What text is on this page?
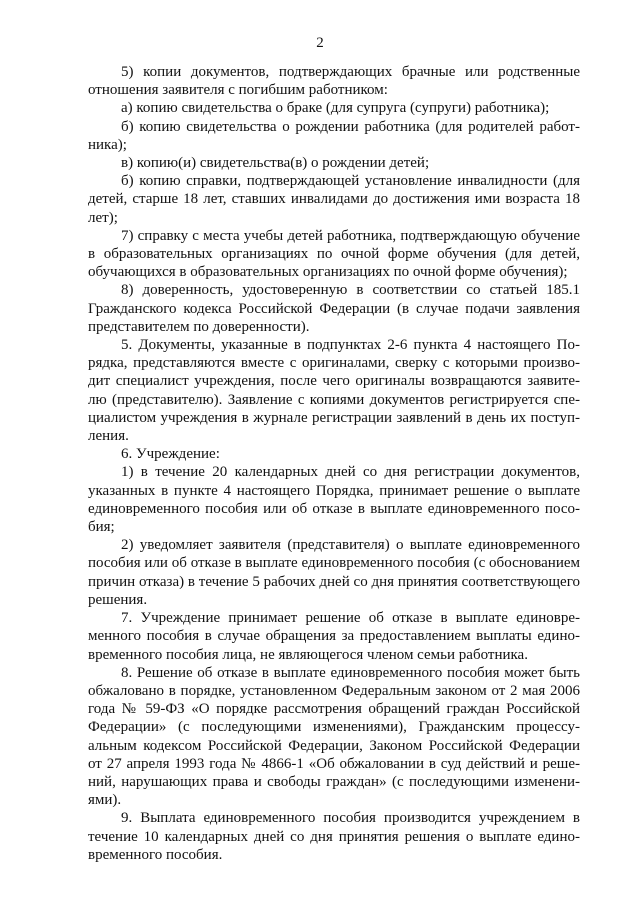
2

5) копии документов, подтверждающих брачные или родственные отношения заявителя с погибшим работником:

а) копию свидетельства о браке (для супруга (супруги) работника);

б) копию свидетельства о рождении работника (для родителей работника);

в) копию(и) свидетельства(в) о рождении детей;

б) копию справки, подтверждающей установление инвалидности (для детей, старше 18 лет, ставших инвалидами до достижения ими возраста 18 лет);

7) справку с места учебы детей работника, подтверждающую обучение в образовательных организациях по очной форме обучения (для детей, обучающихся в образовательных организациях по очной форме обучения);

8) доверенность, удостоверенную в соответствии со статьей 185.1 Гражданского кодекса Российской Федерации (в случае подачи заявления представителем по доверенности).

5. Документы, указанные в подпунктах 2-6 пункта 4 настоящего Порядка, представляются вместе с оригиналами, сверку с которыми производит специалист учреждения, после чего оригиналы возвращаются заявителю (представителю). Заявление с копиями документов регистрируется специалистом учреждения в журнале регистрации заявлений в день их поступления.

6. Учреждение:

1) в течение 20 календарных дней со дня регистрации документов, указанных в пункте 4 настоящего Порядка, принимает решение о выплате единовременного пособия или об отказе в выплате единовременного пособия;

2) уведомляет заявителя (представителя) о выплате единовременного пособия или об отказе в выплате единовременного пособия (с обоснованием причин отказа) в течение 5 рабочих дней со дня принятия соответствующего решения.

7. Учреждение принимает решение об отказе в выплате единовременного пособия в случае обращения за предоставлением выплаты единовременного пособия лица, не являющегося членом семьи работника.

8. Решение об отказе в выплате единовременного пособия может быть обжаловано в порядке, установленном Федеральным законом от 2 мая 2006 года № 59-ФЗ «О порядке рассмотрения обращений граждан Российской Федерации» (с последующими изменениями), Гражданским процессуальным кодексом Российской Федерации, Законом Российской Федерации от 27 апреля 1993 года № 4866-1 «Об обжаловании в суд действий и решений, нарушающих права и свободы граждан» (с последующими изменениями).

9. Выплата единовременного пособия производится учреждением в течение 10 календарных дней со дня принятия решения о выплате единовременного пособия.
